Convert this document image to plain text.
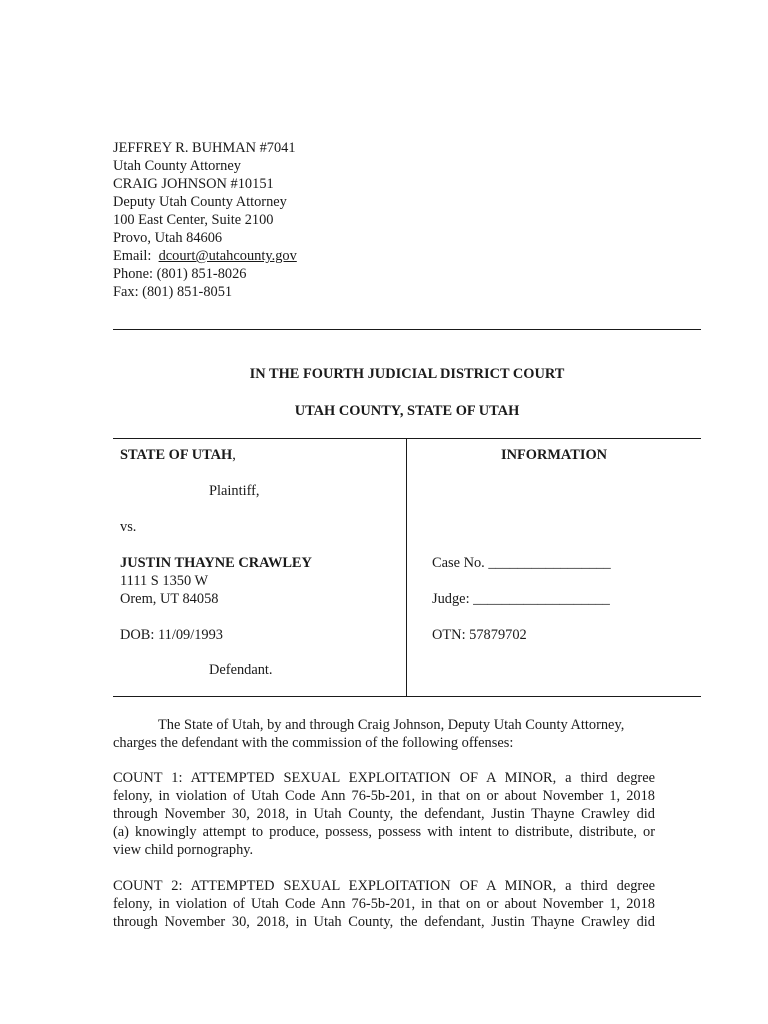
JEFFREY R. BUHMAN #7041
Utah County Attorney
CRAIG JOHNSON #10151
Deputy Utah County Attorney
100 East Center, Suite 2100
Provo, Utah 84606
Email: dcourt@utahcounty.gov
Phone: (801) 851-8026
Fax: (801) 851-8051
IN THE FOURTH JUDICIAL DISTRICT COURT
UTAH COUNTY, STATE OF UTAH
STATE OF UTAH,
Plaintiff,
vs.
JUSTIN THAYNE CRAWLEY
1111 S 1350 W
Orem, UT 84058
DOB: 11/09/1993
Defendant.
INFORMATION
Case No. _________________
Judge: ___________________
OTN: 57879702
The State of Utah, by and through Craig Johnson, Deputy Utah County Attorney,
charges the defendant with the commission of the following offenses:
COUNT 1: ATTEMPTED SEXUAL EXPLOITATION OF A MINOR, a third degree
felony, in violation of Utah Code Ann 76-5b-201, in that on or about November 1, 2018
through November 30, 2018, in Utah County, the defendant, Justin Thayne Crawley did
(a) knowingly attempt to produce, possess, possess with intent to distribute, distribute, or
view child pornography.
COUNT 2: ATTEMPTED SEXUAL EXPLOITATION OF A MINOR, a third degree
felony, in violation of Utah Code Ann 76-5b-201, in that on or about November 1, 2018
through November 30, 2018, in Utah County, the defendant, Justin Thayne Crawley did
